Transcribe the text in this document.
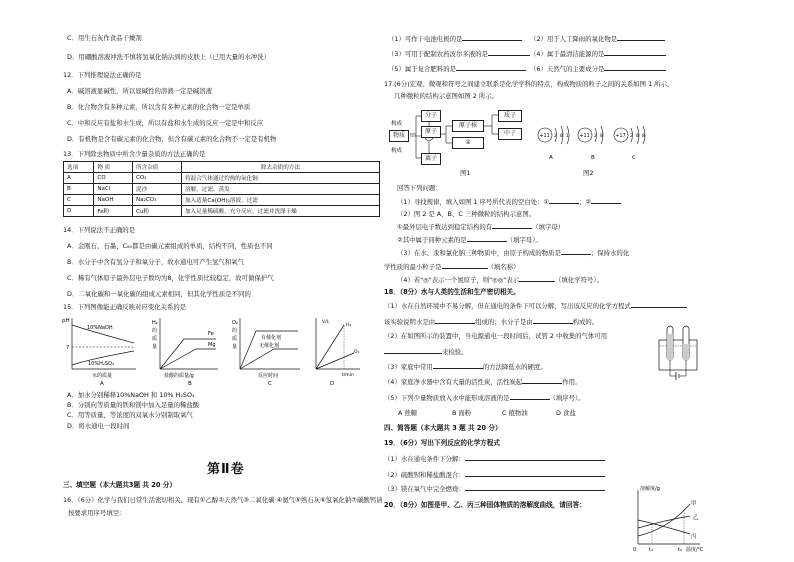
C．用生石灰作食品干燥剂
D．用硼酸溶液冲洗不慎将氢氧化钠沾到的皮肤上（已用大量的水冲洗）
12．下列推理说法正确的是
A．碱溶液显碱性，所以显碱性的溶液一定是碱溶液
B．化合物含有多种元素，所以含有多种元素的化合物一定是单质
C．中和反应有盐和水生成，所以有盐和水生成的反应一定是中和反应
D．有机物是含有碳元素的化合物，但含有碳元素的化合物不一定是有机物
13．下列除去物质中所含少量杂质的方法正确的是
选项	物 质	所含杂质	除去杂质的方法
A	CO	CO₂	将混合气体通过灼热的氧化铜
B	NaCl	泥沙	溶解、过滤、蒸发
C	NaOH	Na₂CO₃	加入适量Ca(OH)₂溶液、过滤
D	Fe粉	Cu粉	加入足量稀硫酸，充分反应，过滤并洗涤干燥
14．下列说法不正确的是
A．金刚石、石墨、C₆₀都是由碳元素组成的单质，结构不同，性质也不同
B．水分子中含有氢分子和氧分子，故水通电可产生氢气和氧气
C．稀有气体原子最外层电子数均为8，化学性质比较稳定，故可做保护气
D．二氧化碳和一氧化碳的组成元素相同，但其化学性质是不同的
15．下列图像能正确反映对应变化关系的是
pH
10%NaOH
10%H₂SO₄
7
水的质量
A
H₂
的
质
量
Fe
Mg
盐酸的质量/g
B
O₂
的
质
量
有催化剂
无催化剂
反应时间
C
V/L
H₂
O₂
t/min
D
A．加水分别稀释10%NaOH 和 10% H₂SO₄
B．分别向等质量的铁和镁中加入足量的稀盐酸
C．用等质量、等浓度的双氧水分别制取氧气
D．将水通电一段时间
第Ⅱ卷
三、填空题（本大题共3题 共 20 分）
16．（6分）化学与我们日常生活密切相关。现有①乙醇②天然气③二氧化碳 ④氦气⑤熟石灰⑥氢氧化钠⑦碳酸钙请
按要求用序号填空：
（1）可作干电池电极的是	（2）用于人工降雨的氧化物是
（3）可用于配制农药波尔多液的是	（4）属于最清洁能源的是
（5）属于复合肥料的是	（6）天然气的主要成分是
17.(6分)宏观、微观和符号之间建立联系是化学学科的特点，构成物质的粒子之间的关系如图 1 所示，
几种微粒的结构示意图如图 2 所示。
构成
构成
物质
分子
原子
离子
原子核
②
质子
中子
图1
+11 2 8 1
A
+11 2 8
B
+17 2 8 8
C
图2
回答下列问题：
（1）寻找规律，填入如图 1 序号所代表的空白处：①	；②
（2）图 2 是 A、B、C 三种微粒的结构示意图。
①最外层电子数达到稳定结构的有	（填字母）
②其中属于同种元素的是	（填字母）。
（3）在水、汞和氯化钠三种物质中，由原子构成的物质是	；保持水的化
学性质的最小粒子是	（填名称）
（4）若"◎"表示一个氮原子，则"◎◎"表示	（填化学符号）。
18．（8分）水与人类的生活和生产密切相关。
（1）水在自然环境中不易分解，但在通电的条件下可以分解，写出该反应的化学方程式
该实验说明水是由	组成的；水分子是由	构成的。
（2）在如图所示的装置中，当电源通电一段时间后，试管 2 中收集的气体可用
来检验。
（3）家庭中常用	的方法降低水的硬度。
（4）家庭净水器中含有大量的活性炭，活性炭起	作用。
（5）下列少量物质放入水中能形成溶液的是	（填序号）。
A 蔗糖	B 面粉	C 植物油	D 食盐
四、简答题（本大题共 3 题 共 20 分）
19．（6分）写出下列反应的化学方程式
（1）水在通电条件下分解：
（2）硫酸钡和稀盐酸混合：
（3）镁在氧气中完全燃烧：
20．（8分）如图是甲、乙、丙三种固体物质的溶解度曲线，请回答：
溶解度/g
甲
乙
丙
0	t₁	t₂ 温度/℃
